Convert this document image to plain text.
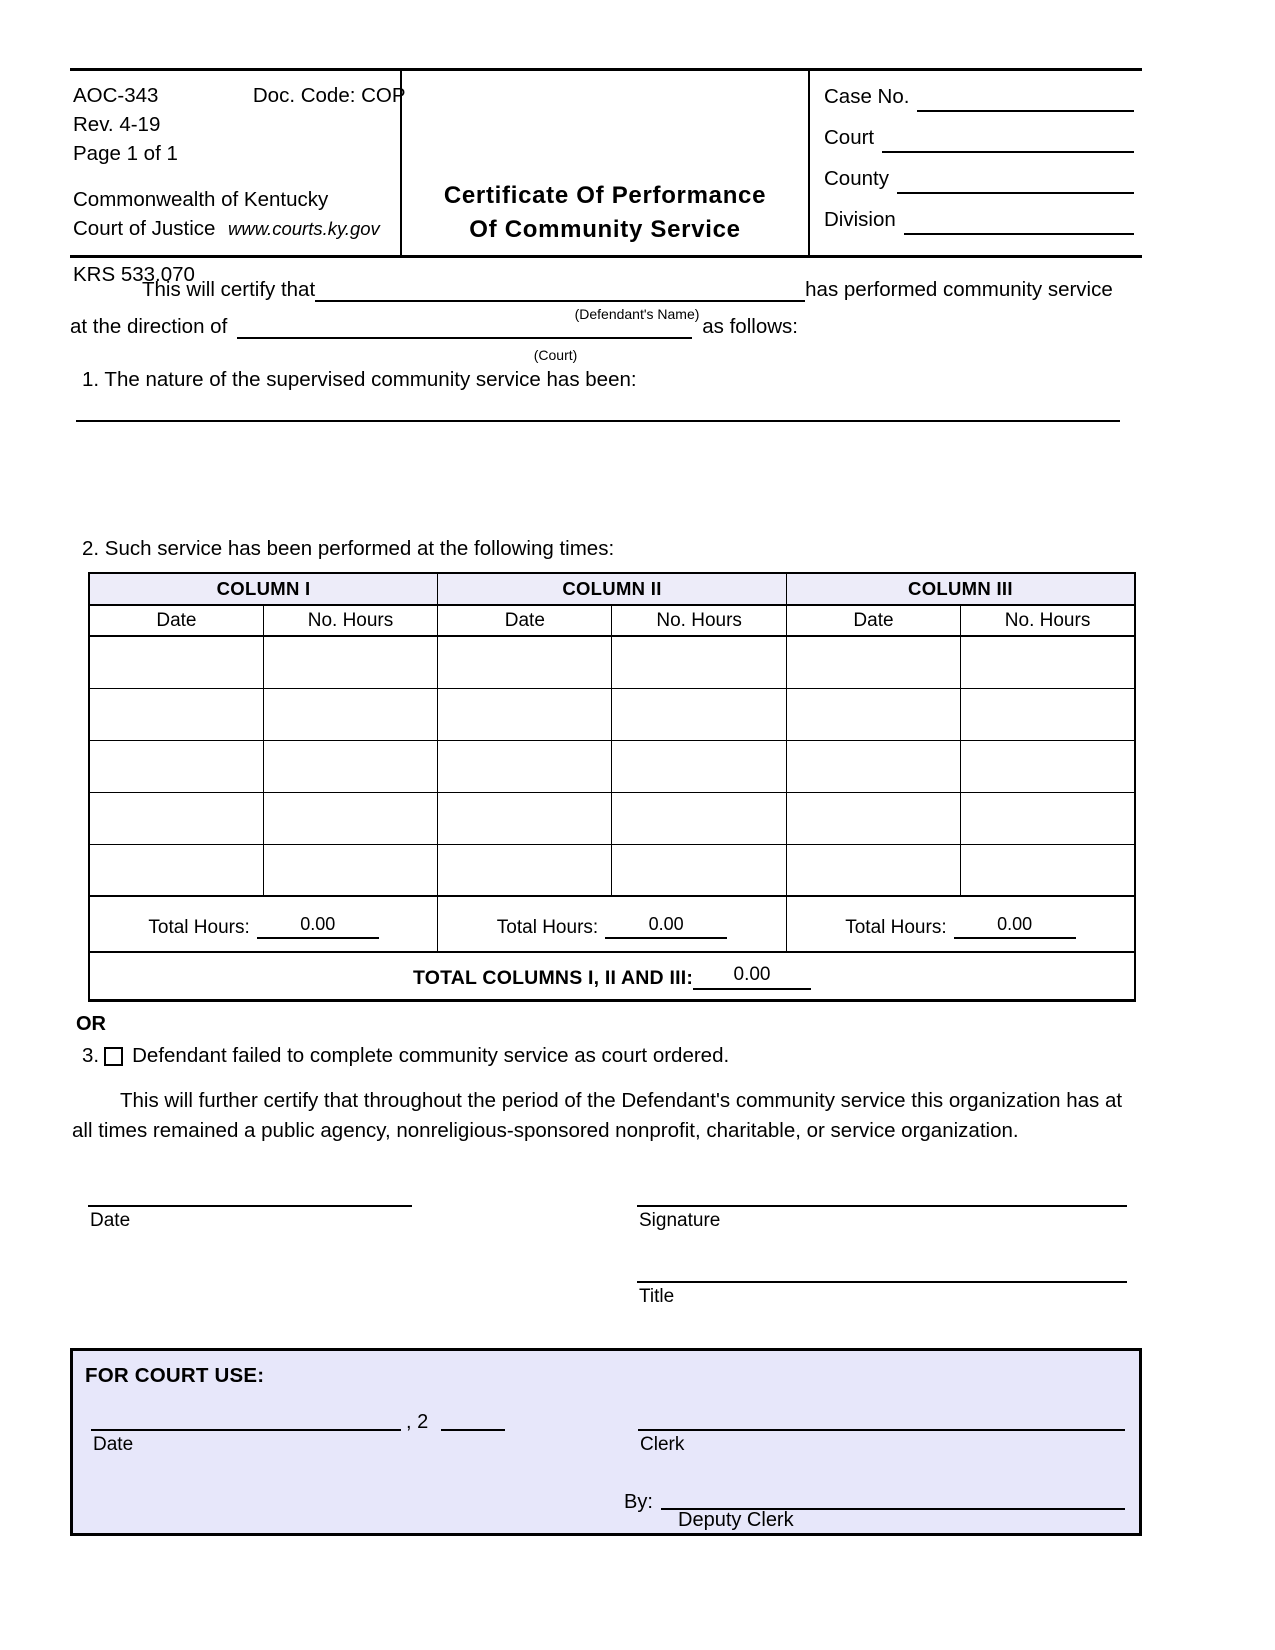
AOC-343	Doc. Code: COP
Rev. 4-19
Page 1 of 1
Commonwealth of Kentucky
Court of Justice www.courts.ky.gov
KRS 533.070
Certificate Of Performance
Of Community Service
Case No.
Court
County
Division
This will certify that	has performed community service
(Defendant's Name)
at the direction of	as follows:
(Court)
1. The nature of the supervised community service has been:
2. Such service has been performed at the following times:
COLUMN I		COLUMN II		COLUMN III	
Date	No. Hours	Date	No. Hours	Date	No. Hours

Total Hours: 0.00		Total Hours: 0.00		Total Hours: 0.00	

TOTAL COLUMNS I, II AND III: 0.00					
OR
3. Defendant failed to complete community service as court ordered.
This will further certify that throughout the period of the Defendant's community service this organization has at all times remained a public agency, nonreligious-sponsored nonprofit, charitable, or service organization.
Date	Signature
Title
FOR COURT USE:
, 2
Date	Clerk
By:
Deputy Clerk
